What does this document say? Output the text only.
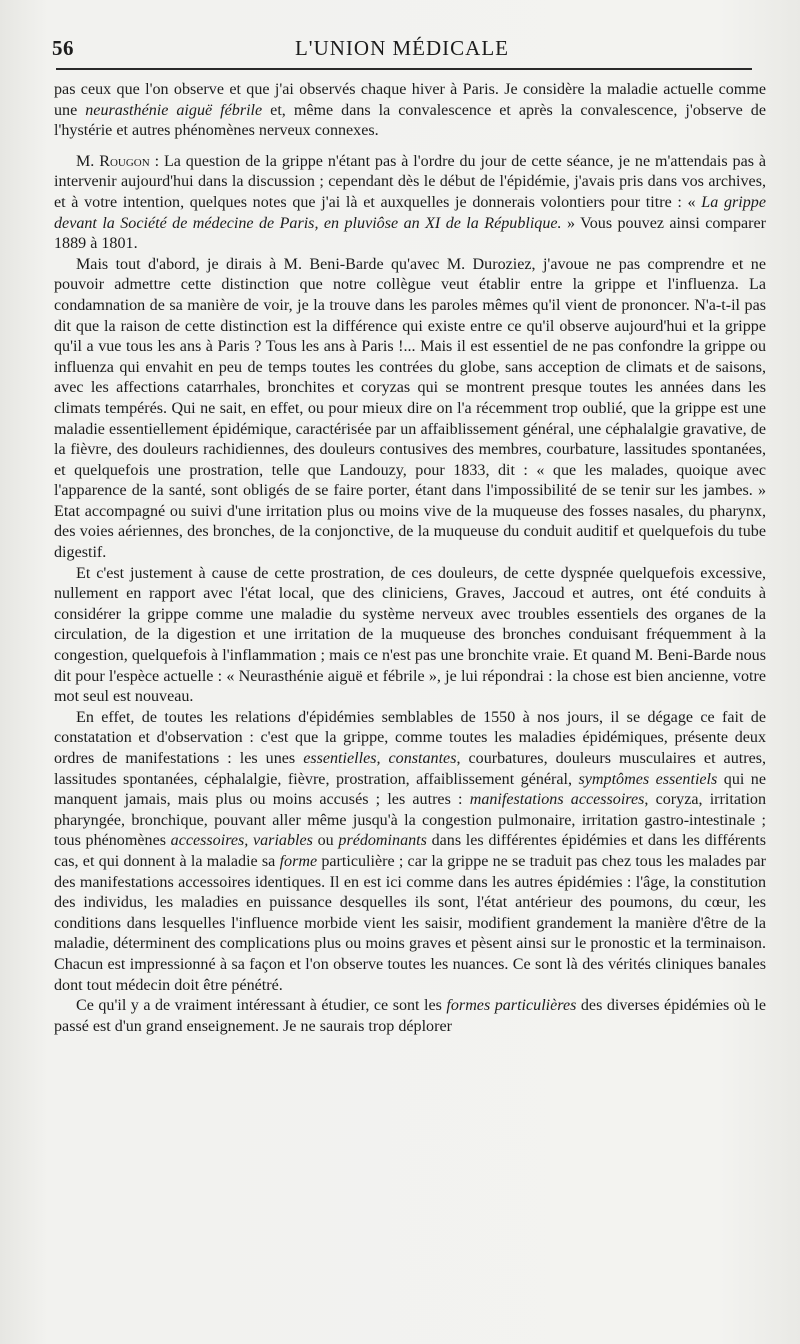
56	L'UNION MÉDICALE

pas ceux que l'on observe et que j'ai observés chaque hiver à Paris. Je considère la maladie actuelle comme une neurasthénie aiguë fébrile et, même dans la convalescence et après la convalescence, j'observe de l'hystérie et autres phénomènes nerveux connexes.

M. Rougon : La question de la grippe n'étant pas à l'ordre du jour de cette séance, je ne m'attendais pas à intervenir aujourd'hui dans la discussion ; cependant dès le début de l'épidémie, j'avais pris dans vos archives, et à votre intention, quelques notes que j'ai là et auxquelles je donnerais volontiers pour titre : « La grippe devant la Société de médecine de Paris, en pluviôse an XI de la République. » Vous pouvez ainsi comparer 1889 à 1801.

Mais tout d'abord, je dirais à M. Beni-Barde qu'avec M. Duroziez, j'avoue ne pas comprendre et ne pouvoir admettre cette distinction que notre collègue veut établir entre la grippe et l'influenza. La condamnation de sa manière de voir, je la trouve dans les paroles mêmes qu'il vient de prononcer. N'a-t-il pas dit que la raison de cette distinction est la différence qui existe entre ce qu'il observe aujourd'hui et la grippe qu'il a vue tous les ans à Paris ? Tous les ans à Paris !... Mais il est essentiel de ne pas confondre la grippe ou influenza qui envahit en peu de temps toutes les contrées du globe, sans acception de climats et de saisons, avec les affections catarrhales, bronchites et coryzas qui se montrent presque toutes les années dans les climats tempérés. Qui ne sait, en effet, ou pour mieux dire on l'a récemment trop oublié, que la grippe est une maladie essentiellement épidémique, caractérisée par un affaiblissement général, une céphalalgie gravative, de la fièvre, des douleurs rachidiennes, des douleurs contusives des membres, courbature, lassitudes spontanées, et quelquefois une prostration, telle que Landouzy, pour 1833, dit : « que les malades, quoique avec l'apparence de la santé, sont obligés de se faire porter, étant dans l'impossibilité de se tenir sur les jambes. » Etat accompagné ou suivi d'une irritation plus ou moins vive de la muqueuse des fosses nasales, du pharynx, des voies aériennes, des bronches, de la conjonctive, de la muqueuse du conduit auditif et quelquefois du tube digestif.

Et c'est justement à cause de cette prostration, de ces douleurs, de cette dyspnée quelquefois excessive, nullement en rapport avec l'état local, que des cliniciens, Graves, Jaccoud et autres, ont été conduits à considérer la grippe comme une maladie du système nerveux avec troubles essentiels des organes de la circulation, de la digestion et une irritation de la muqueuse des bronches conduisant fréquemment à la congestion, quelquefois à l'inflammation ; mais ce n'est pas une bronchite vraie. Et quand M. Beni-Barde nous dit pour l'espèce actuelle : « Neurasthénie aiguë et fébrile », je lui répondrai : la chose est bien ancienne, votre mot seul est nouveau.

En effet, de toutes les relations d'épidémies semblables de 1550 à nos jours, il se dégage ce fait de constatation et d'observation : c'est que la grippe, comme toutes les maladies épidémiques, présente deux ordres de manifestations : les unes essentielles, constantes, courbatures, douleurs musculaires et autres, lassitudes spontanées, céphalalgie, fièvre, prostration, affaiblissement général, symptômes essentiels qui ne manquent jamais, mais plus ou moins accusés ; les autres : manifestations accessoires, coryza, irritation pharyngée, bronchique, pouvant aller même jusqu'à la congestion pulmonaire, irritation gastro-intestinale ; tous phénomènes accessoires, variables ou prédominants dans les différentes épidémies et dans les différents cas, et qui donnent à la maladie sa forme particulière ; car la grippe ne se traduit pas chez tous les malades par des manifestations accessoires identiques. Il en est ici comme dans les autres épidémies : l'âge, la constitution des individus, les maladies en puissance desquelles ils sont, l'état antérieur des poumons, du cœur, les conditions dans lesquelles l'influence morbide vient les saisir, modifient grandement la manière d'être de la maladie, déterminent des complications plus ou moins graves et pèsent ainsi sur le pronostic et la terminaison. Chacun est impressionné à sa façon et l'on observe toutes les nuances. Ce sont là des vérités cliniques banales dont tout médecin doit être pénétré.

Ce qu'il y a de vraiment intéressant à étudier, ce sont les formes particulières des diverses épidémies où le passé est d'un grand enseignement. Je ne saurais trop déplorer
